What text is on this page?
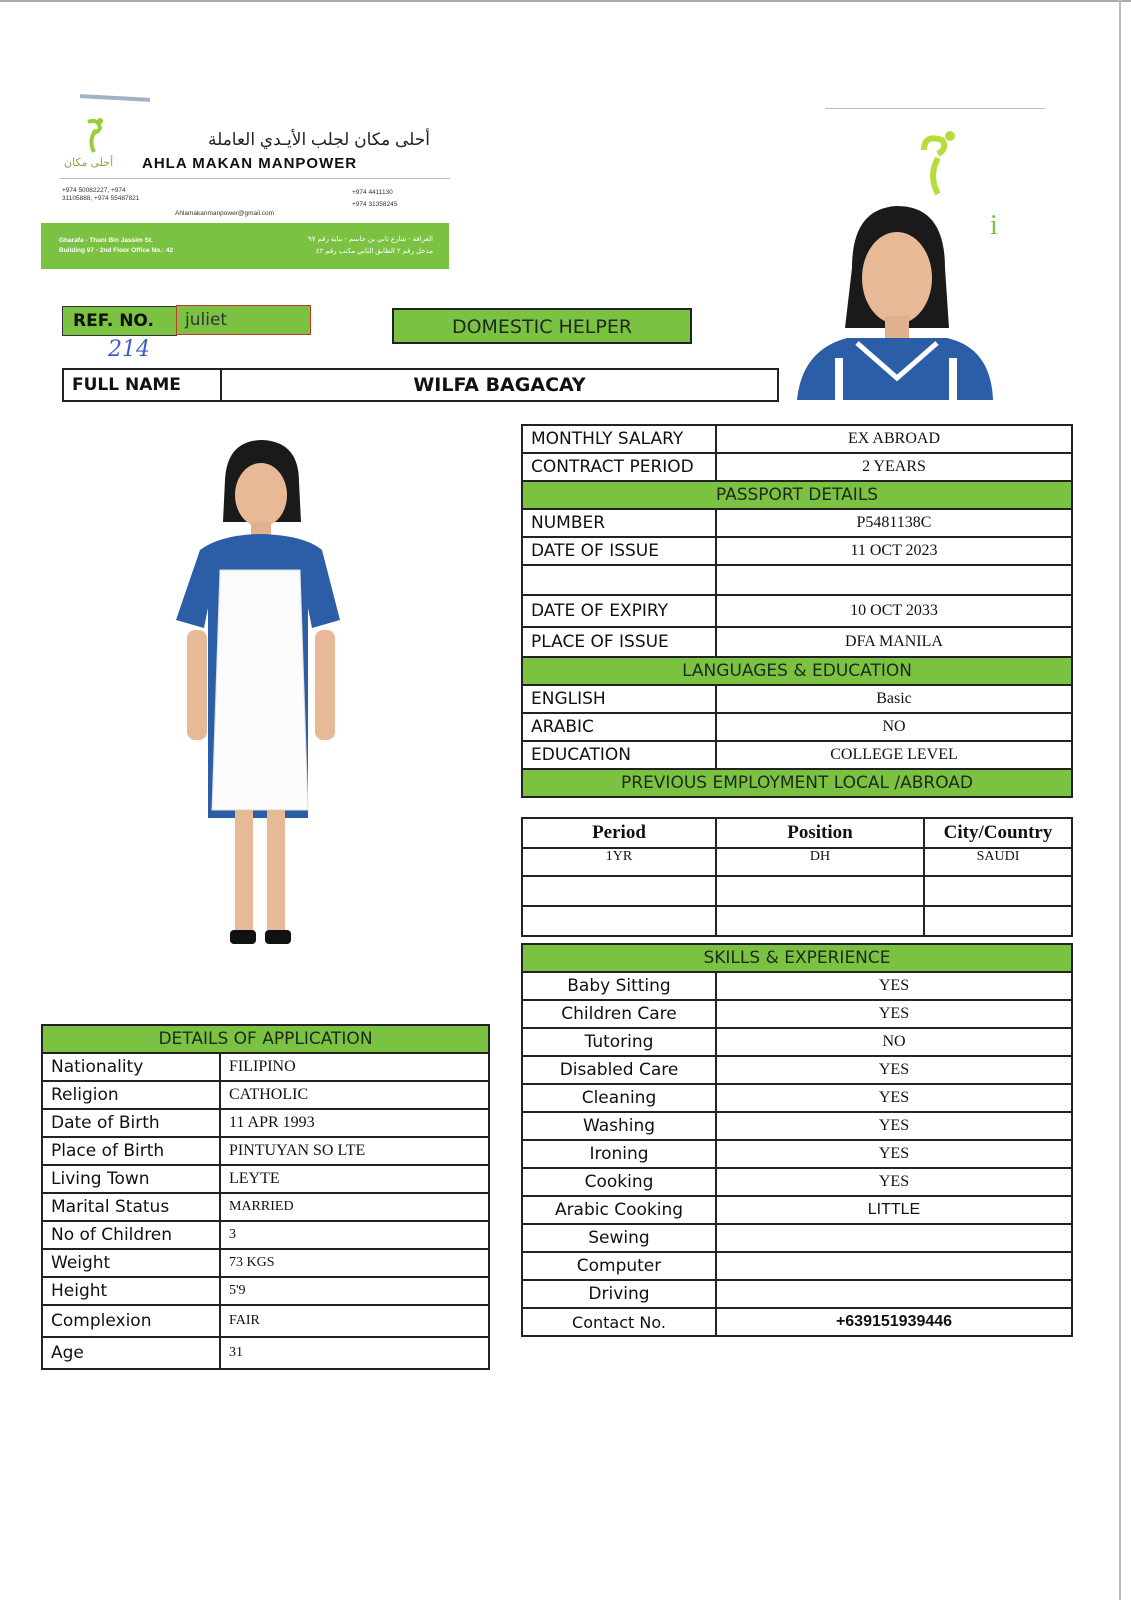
أحلى مكان
أحلى مكان لجلب الأيـدي العاملة
AHLA MAKAN MANPOWER
+974 50082227, +974 31105888, +974 55487821
Ahlamakanmanpower@gmail.com
+974 4411130
+974 31358245
Gharafa - Thani Bin Jassim St.
Building 97 - 2nd Floor Office No.: 42
الغرافة - شارع ثاني بن جاسم - بناية رقم ٩٧
مدخل رقم ٢ الطابق الثاني مكتب رقم ٤٢
i
REF. NO. juliet
214
DOMESTIC HELPER
FULL NAME	WILFA BAGACAY
MONTHLY SALARY	EX ABROAD
CONTRACT PERIOD	2 YEARS
PASSPORT DETAILS	
NUMBER	P5481138C
DATE OF ISSUE	11 OCT 2023

DATE OF EXPIRY	10 OCT 2033
PLACE OF ISSUE	DFA MANILA
LANGUAGES & EDUCATION	
ENGLISH	Basic
ARABIC	NO
EDUCATION	COLLEGE LEVEL
PREVIOUS EMPLOYMENT LOCAL /ABROAD	
Period	Position	City/Country
1YR	DH	SAUDI

SKILLS & EXPERIENCE	
Baby Sitting	YES
Children Care	YES
Tutoring	NO
Disabled Care	YES
Cleaning	YES
Washing	YES
Ironing	YES
Cooking	YES
Arabic Cooking	LITTLE
Sewing	
Computer	
Driving	
Contact No.	+639151939446
DETAILS OF APPLICATION	
Nationality	FILIPINO
Religion	CATHOLIC
Date of Birth	11 APR 1993
Place of Birth	PINTUYAN SO LTE
Living Town	LEYTE
Marital Status	MARRIED
No of Children	3
Weight	73 KGS
Height	5'9
Complexion	FAIR
Age	31
